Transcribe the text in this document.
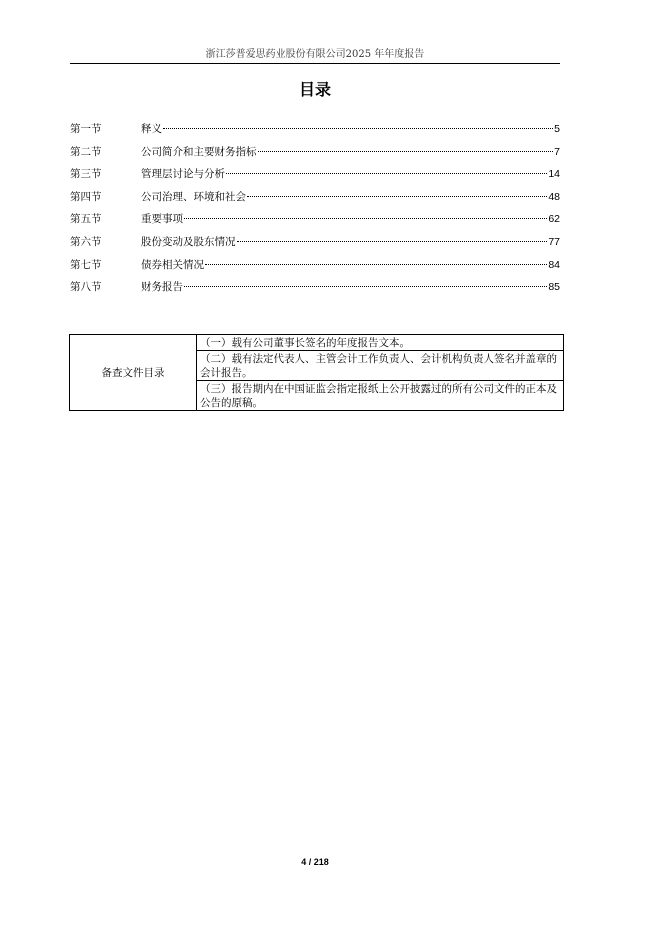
浙江莎普爱思药业股份有限公司2025 年年度报告
目录
第一节	释义	5
第二节	公司简介和主要财务指标	7
第三节	管理层讨论与分析	14
第四节	公司治理、环境和社会	48
第五节	重要事项	62
第六节	股份变动及股东情况	77
第七节	债券相关情况	84
第八节	财务报告	85
备查文件目录	（一）载有公司董事长签名的年度报告文本。
（二）载有法定代表人、主管会计工作负责人、会计机构负责人签名并盖章的会计报告。
（三）报告期内在中国证监会指定报纸上公开披露过的所有公司文件的正本及公告的原稿。
4 / 218
